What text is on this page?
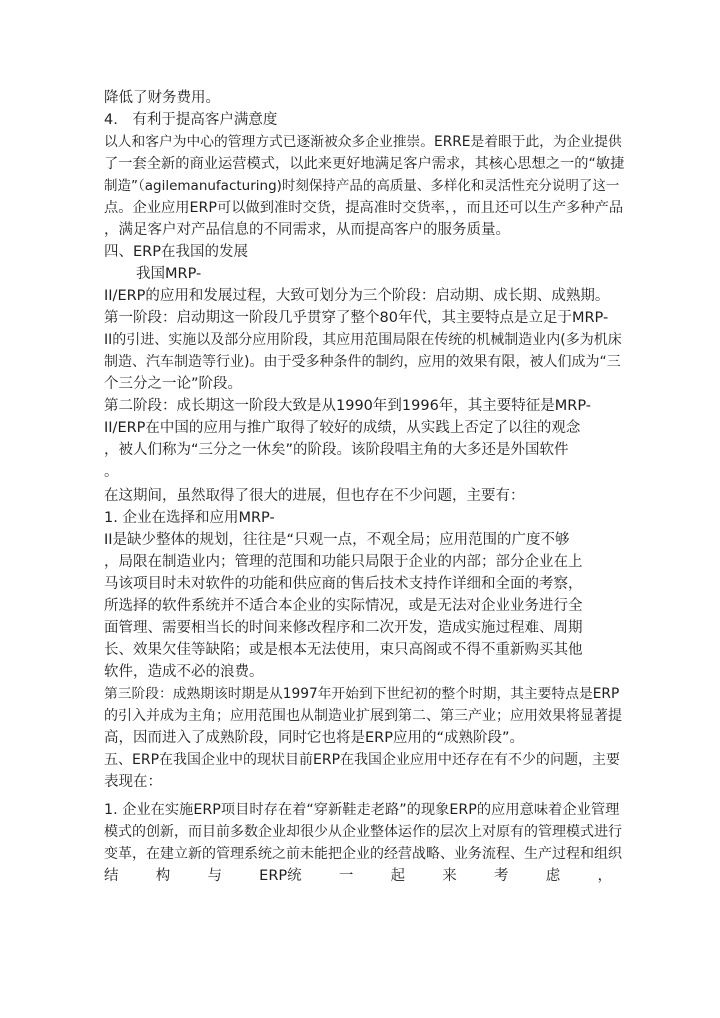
降低了财务费用。
4.　有利于提高客户满意度
以人和客户为中心的管理方式已逐渐被众多企业推崇。ERRE是着眼于此，为企业提供
了一套全新的商业运营模式，以此来更好地满足客户需求，其核心思想之一的“敏捷
制造”（agilemanufacturing)时刻保持产品的高质量、多样化和灵活性充分说明了这一
点。企业应用ERP可以做到准时交货，提高准时交货率，，而且还可以生产多种产品
，满足客户对产品信息的不同需求，从而提高客户的服务质量。
四、ERP在我国的发展
我国MRP-
II/ERP的应用和发展过程，大致可划分为三个阶段：启动期、成长期、成熟期。
第一阶段：启动期这一阶段几乎贯穿了整个80年代，其主要特点是立足于MRP-
II的引进、实施以及部分应用阶段，其应用范围局限在传统的机械制造业内(多为机床
制造、汽车制造等行业)。由于受多种条件的制约，应用的效果有限，被人们成为“三
个三分之一论”阶段。
第二阶段：成长期这一阶段大致是从1990年到1996年，其主要特征是MRP-
II/ERP在中国的应用与推广取得了较好的成绩，从实践上否定了以往的观念
，被人们称为“三分之一休矣”的阶段。该阶段唱主角的大多还是外国软件
。
在这期间，虽然取得了很大的进展，但也存在不少问题，主要有：
1. 企业在选择和应用MRP-
II是缺少整体的规划，往往是“只观一点，不观全局；应用范围的广度不够
，局限在制造业内；管理的范围和功能只局限于企业的内部；部分企业在上
马该项目时未对软件的功能和供应商的售后技术支持作详细和全面的考察，
所选择的软件系统并不适合本企业的实际情况，或是无法对企业业务进行全
面管理、需要相当长的时间来修改程序和二次开发，造成实施过程难、周期
长、效果欠佳等缺陷；或是根本无法使用，束只高阁或不得不重新购买其他
软件，造成不必的浪费。
第三阶段：成熟期该时期是从1997年开始到下世纪初的整个时期，其主要特点是ERP
的引入并成为主角；应用范围也从制造业扩展到第二、第三产业；应用效果将显著提
高，因而进入了成熟阶段，同时它也将是ERP应用的“成熟阶段”。
五、ERP在我国企业中的现状目前ERP在我国企业应用中还存在有不少的问题，主要
表现在：
1. 企业在实施ERP项目时存在着“穿新鞋走老路”的现象ERP的应用意味着企业管理
模式的创新，而目前多数企业却很少从企业整体运作的层次上对原有的管理模式进行
变革，在建立新的管理系统之前未能把企业的经营战略、业务流程、生产过程和组织
结	构	与	ERP统	一	起	来	考	虑	，
